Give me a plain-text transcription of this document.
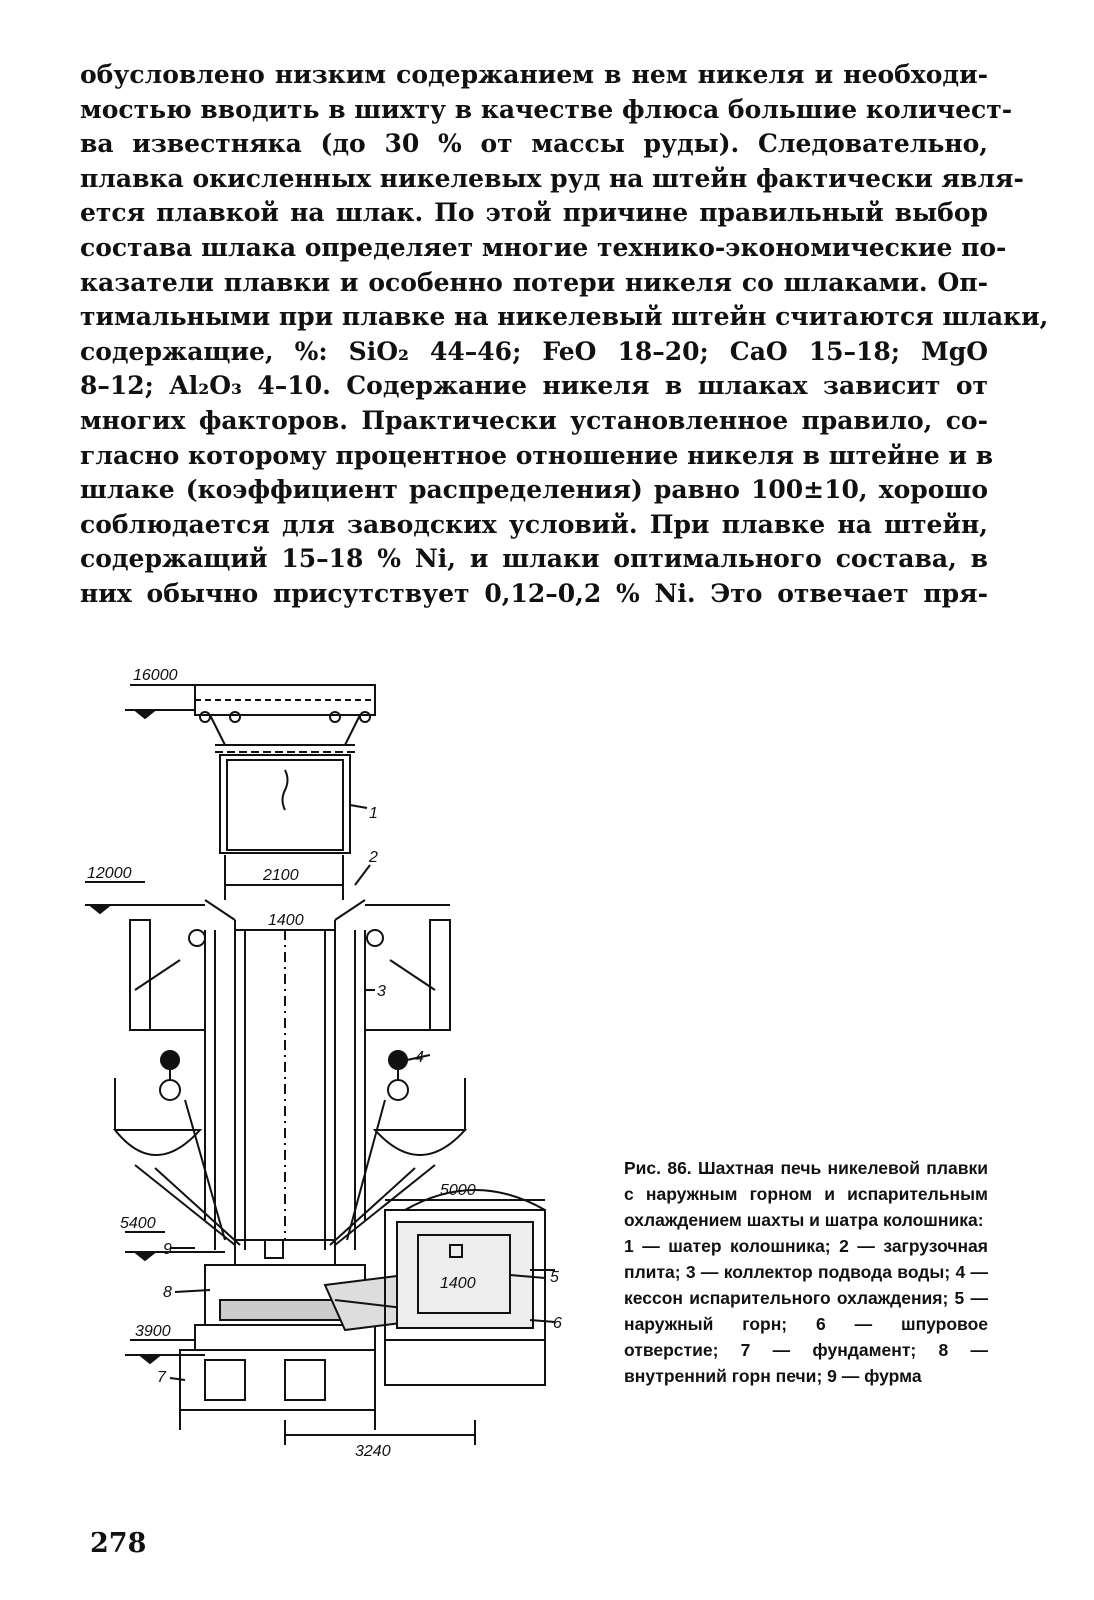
обусловлено низким содержанием в нем никеля и необходи-
мостью вводить в шихту в качестве флюса большие количест-
ва известняка (до 30 % от массы руды). Следовательно,
плавка окисленных никелевых руд на штейн фактически явля-
ется плавкой на шлак. По этой причине правильный выбор
состава шлака определяет многие технико-экономические по-
казатели плавки и особенно потери никеля со шлаками. Оп-
тимальными при плавке на никелевый штейн считаются шлаки,
содержащие, %: SiO₂ 44–46; FeO 18–20; CaO 15–18; MgO
8–12; Al₂O₃ 4–10. Содержание никеля в шлаках зависит от
многих факторов. Практически установленное правило, со-
гласно которому процентное отношение никеля в штейне и в
шлаке (коэффициент распределения) равно 100±10, хорошо
соблюдается для заводских условий. При плавке на штейн,
содержащий 15–18 % Ni, и шлаки оптимального состава, в
них обычно присутствует 0,12–0,2 % Ni. Это отвечает пря-
16000
12000
5400
3900
2100
1400
5000
1400
3240
1
2
3
4
5
6
7
8
9
Рис. 86. Шахтная печь никелевой плавки с наружным горном и испарительным охлаждением шахты и шатра колошника:
1 — шатер колошника; 2 — загрузочная плита; 3 — коллектор подвода воды; 4 — кессон испарительного охлаждения; 5 — наружный горн; 6 — шпуровое отверстие; 7 — фундамент; 8 — внутренний горн печи; 9 — фурма
278
